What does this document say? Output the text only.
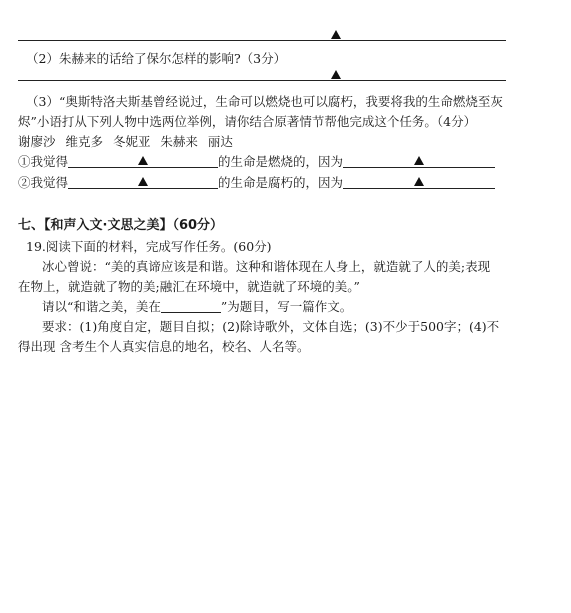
（2）朱赫来的话给了保尔怎样的影响?（3分）
（3）“奥斯特洛夫斯基曾经说过，生命可以燃烧也可以腐朽，我要将我的生命燃烧至灰
烬”小语打从下列人物中选两位举例，请你结合原著情节帮他完成这个任务。（4分）
谢廖沙 维克多 冬妮亚 朱赫来 丽达
①我觉得	的生命是燃烧的，因为
②我觉得	的生命是腐朽的，因为
七、【和声入文·文思之美】（60分）
19.阅读下面的材料，完成写作任务。(60分)
冰心曾说：“美的真谛应该是和谐。这种和谐体现在人身上，就造就了人的美;表现
在物上，就造就了物的美;融汇在环境中，就造就了环境的美。”
请以“和谐之美，美在	”为题目，写一篇作文。
要求：(1)角度自定，题目自拟；(2)除诗歌外，文体自选；(3)不少于500字；(4)不
得出现 含考生个人真实信息的地名，校名、人名等。
